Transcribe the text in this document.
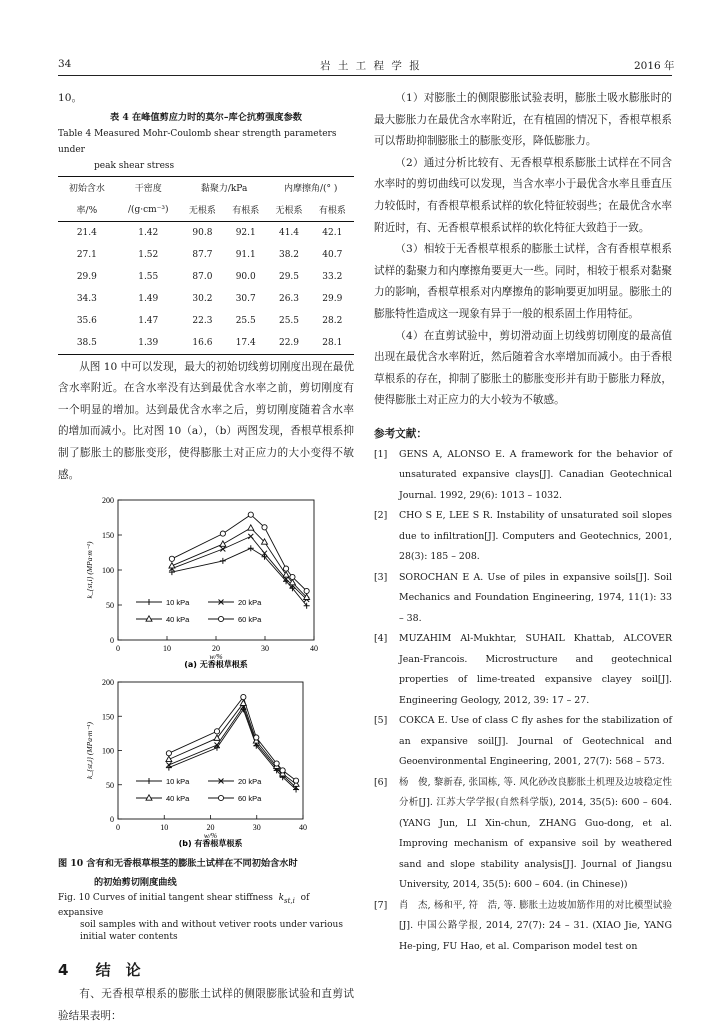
34	岩 土 工 程 学 报	2016 年

10。

表 4 在峰值剪应力时的莫尔–库仑抗剪强度参数

Table 4 Measured Mohr-Coulomb shear strength parameters under
peak shear stress

初始含水	干密度	黏聚力/kPa		内摩擦角/(° )	
率/%	/(g·cm⁻³)	无根系	有根系	无根系	有根系
21.4	1.42	90.8	92.1	41.4	42.1
27.1	1.52	87.7	91.1	38.2	40.7
29.9	1.55	87.0	90.0	29.5	33.2
34.3	1.49	30.2	30.7	26.3	29.9
35.6	1.47	22.3	25.5	25.5	28.2
38.5	1.39	16.6	17.4	22.9	28.1

从图 10 中可以发现，最大的初始切线剪切刚度出现在最优含水率附近。在含水率没有达到最优含水率之前，剪切刚度有一个明显的增加。达到最优含水率之后，剪切刚度随着含水率的增加而减小。比对图 10（a），（b）两图发现，香根草根系抑制了膨胀土的膨胀变形，使得膨胀土对正应力的大小变得不敏感。

0
50
100
150
200
0	10	20	30	40
w/%
k_{st,i} (MPa·m⁻¹)
10 kPa	20 kPa
40 kPa	60 kPa
(a) 无香根草根系
0
50
100
150
200
0	10	20	30	40
w/%
k_{st,i} (MPa·m⁻¹)
10 kPa	20 kPa
40 kPa	60 kPa
(b) 有香根草根系

图 10 含有和无香根草根茎的膨胀土试样在不同初始含水时
的初始剪切刚度曲线

Fig. 10 Curves of initial tangent shear stiffness  $k_{st,i}$ of expansive
soil samples with and without vetiver roots under various
initial water contents

4 结　论

有、无香根草根系的膨胀土试样的侧限膨胀试验和直剪试验结果表明：

（1）对膨胀土的侧限膨胀试验表明，膨胀土吸水膨胀时的最大膨胀力在最优含水率附近，在有植固的情况下，香根草根系可以帮助抑制膨胀土的膨胀变形，降低膨胀力。

（2）通过分析比较有、无香根草根系膨胀土试样在不同含水率时的剪切曲线可以发现，当含水率小于最优含水率且垂直压力较低时，有香根草根系试样的软化特征较弱些；在最优含水率附近时，有、无香根草根系试样的软化特征大致趋于一致。

（3）相较于无香根草根系的膨胀土试样，含有香根草根系试样的黏聚力和内摩擦角要更大一些。同时，相较于根系对黏聚力的影响，香根草根系对内摩擦角的影响要更加明显。膨胀土的膨胀特性造成这一现象有异于一般的根系固土作用特征。

（4）在直剪试验中，剪切滑动面上切线剪切刚度的最高值出现在最优含水率附近，然后随着含水率增加而减小。由于香根草根系的存在，抑制了膨胀土的膨胀变形并有助于膨胀力释放，使得膨胀土对正应力的大小较为不敏感。

参考文献：
[1] GENS A, ALONSO E. A framework for the behavior of unsaturated expansive clays[J]. Canadian Geotechnical Journal. 1992, 29(6): 1013 – 1032.
[2] CHO S E, LEE S R. Instability of unsaturated soil slopes due to infiltration[J]. Computers and Geotechnics, 2001, 28(3): 185 – 208.
[3] SOROCHAN E A. Use of piles in expansive soils[J]. Soil Mechanics and Foundation Engineering, 1974, 11(1): 33 – 38.
[4] MUZAHIM Al-Mukhtar, SUHAIL Khattab, ALCOVER Jean-Francois. Microstructure and geotechnical properties of lime-treated expansive clayey soil[J]. Engineering Geology, 2012, 39: 17 – 27.
[5] COKCA E. Use of class C fly ashes for the stabilization of an expansive soil[J]. Journal of Geotechnical and Geoenvironmental Engineering, 2001, 27(7): 568 – 573.
[6] 杨　俊, 黎新春, 张国栋, 等. 风化砂改良膨胀土机理及边坡稳定性分析[J]. 江苏大学学报(自然科学版), 2014, 35(5): 600 – 604. (YANG Jun, LI Xin-chun, ZHANG Guo-dong, et al. Improving mechanism of expansive soil by weathered sand and slope stability analysis[J]. Journal of Jiangsu University, 2014, 35(5): 600 – 604. (in Chinese))
[7] 肖　杰, 杨和平, 符　浩, 等. 膨胀土边坡加筋作用的对比模型试验[J]. 中国公路学报, 2014, 27(7): 24 – 31. (XIAO Jie, YANG He-ping, FU Hao, et al. Comparison model test on
